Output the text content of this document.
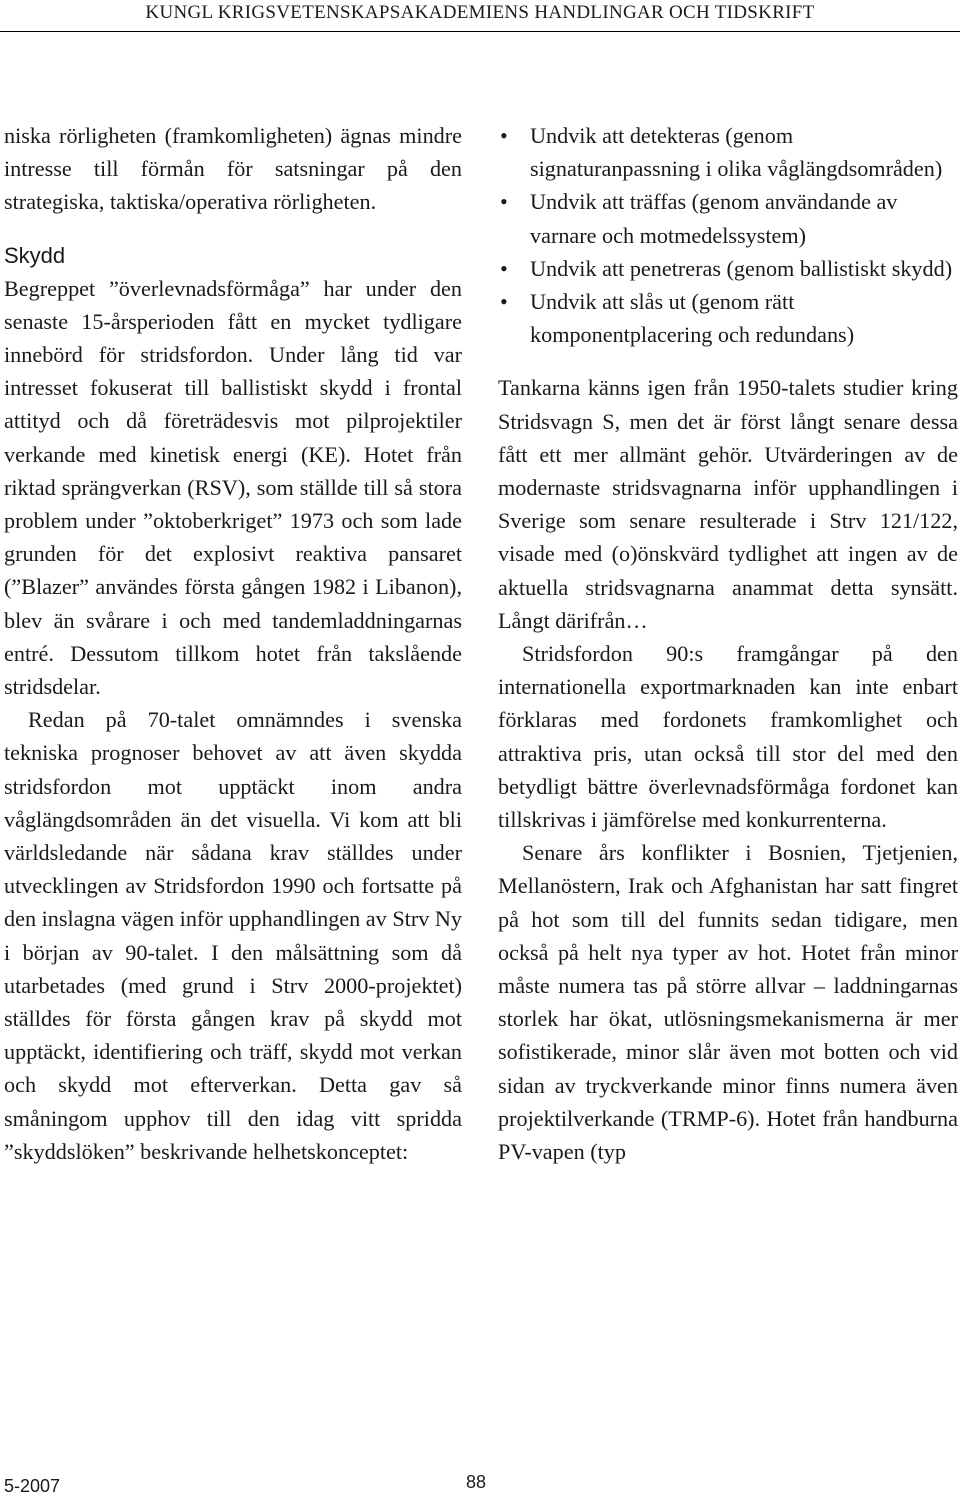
KUNGL KRIGSVETENSKAPSAKADEMIENS HANDLINGAR OCH TIDSKRIFT

niska rörligheten (framkomligheten) ägnas mindre intresse till förmån för satsningar på den strategiska, taktiska/operativa rörligheten.

Skydd

Begreppet ”överlevnadsförmåga” har under den senaste 15-årsperioden fått en mycket tydligare innebörd för stridsfordon. Under lång tid var intresset fokuserat till ballistiskt skydd i frontal attityd och då företrädesvis mot pilprojektiler verkande med kinetisk energi (KE). Hotet från riktad sprängverkan (RSV), som ställde till så stora problem under ”oktoberkriget” 1973 och som lade grunden för det explosivt reaktiva pansaret (”Blazer” användes första gången 1982 i Libanon), blev än svårare i och med tandemladdningarnas entré. Dessutom tillkom hotet från takslående stridsdelar.

Redan på 70-talet omnämndes i svenska tekniska prognoser behovet av att även skydda stridsfordon mot upptäckt inom andra våglängdsområden än det visuella. Vi kom att bli världsledande när sådana krav ställdes under utvecklingen av Stridsfordon 1990 och fortsatte på den inslagna vägen inför upphandlingen av Strv Ny i början av 90-talet. I den målsättning som då utarbetades (med grund i Strv 2000-projektet) ställdes för första gången krav på skydd mot upptäckt, identifiering och träff, skydd mot verkan och skydd mot efterverkan. Detta gav så småningom upphov till den idag vitt spridda ”skyddslöken” beskrivande helhetskonceptet:

• Undvik att detekteras (genom signaturanpassning i olika våglängdsområden)
• Undvik att träffas (genom användande av varnare och motmedelssystem)
• Undvik att penetreras (genom ballistiskt skydd)
• Undvik att slås ut (genom rätt komponentplacering och redundans)

Tankarna känns igen från 1950-talets studier kring Stridsvagn S, men det är först långt senare dessa fått ett mer allmänt gehör. Utvärderingen av de modernaste stridsvagnarna inför upphandlingen i Sverige som senare resulterade i Strv 121/122, visade med (o)önskvärd tydlighet att ingen av de aktuella stridsvagnarna anammat detta synsätt. Långt därifrån…

Stridsfordon 90:s framgångar på den internationella exportmarknaden kan inte enbart förklaras med fordonets framkomlighet och attraktiva pris, utan också till stor del med den betydligt bättre överlevnadsförmåga fordonet kan tillskrivas i jämförelse med konkurrenterna.

Senare års konflikter i Bosnien, Tjetjenien, Mellanöstern, Irak och Afghanistan har satt fingret på hot som till del funnits sedan tidigare, men också på helt nya typer av hot. Hotet från minor måste numera tas på större allvar – laddningarnas storlek har ökat, utlösningsmekanismerna är mer sofistikerade, minor slår även mot botten och vid sidan av tryckverkande minor finns numera även projektilverkande (TRMP-6). Hotet från handburna PV-vapen (typ

5-2007	88
